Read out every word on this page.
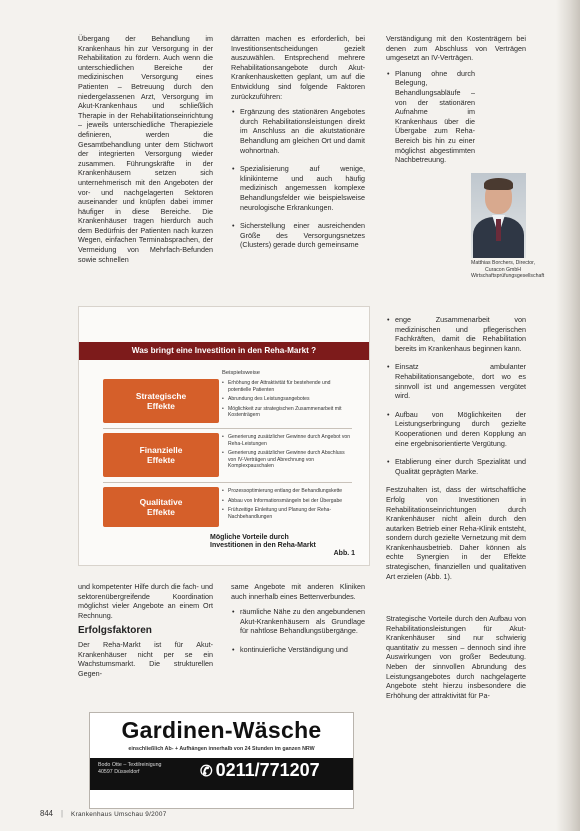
Übergang der Behandlung im Krankenhaus hin zur Versorgung in der Rehabilitation zu fördern. Auch wenn die unterschiedlichen Bereiche der medizinischen Versorgung eines Patienten – Betreuung durch den niedergelassenen Arzt, Versorgung im Akut-Krankenhaus und schließlich Therapie in der Rehabilitationseinrichtung – jeweils unterschiedliche Therapieziele definieren, werden die Gesamtbehandlung unter dem Stichwort der integrierten Versorgung wieder zusammen. Führungskräfte in der Krankenhäusern setzen sich unternehmerisch mit den Angeboten der vor- und nachgelagerten Sektoren auseinander und knüpfen dabei immer häufiger in diese Bereiche. Die Krankenhäuser tragen hierdurch auch dem Bedürfnis der Patienten nach kurzen Wegen, einfachen Terminabsprachen, der Vermeidung von Mehrfach-Befunden sowie schnellen

därratten machen es erforderlich, bei Investitionsentscheidungen gezielt auszuwählen. Entsprechend mehrere Rehabilitationsangebote durch Akut-Krankenhausketten geplant, um auf die Entwicklung sind folgende Faktoren zurückzuführen:

• Ergänzung des stationären Angebotes durch Rehabilitationsleistungen direkt im Anschluss an die akutstationäre Behandlung am gleichen Ort und damit wohnortnah.
• Spezialisierung auf wenige, klinikinterne und auch häufig medizinisch angemessen komplexe Behandlungsfelder wie beispielsweise neurologische Erkrankungen.
• Sicherstellung einer ausreichenden Größe des Versorgungsnetzes (Clusters) gerade durch gemeinsame

Verständigung mit den Kostenträgern bei denen zum Abschluss von Verträgen umgesetzt an IV-Verträgen.

• Planung ohne durch Belegung, Behandlungsabläufe – von der stationären Aufnahme im Krankenhaus über die Übergabe zum Reha-Bereich bis hin zu einer möglichst abgestimmten Nachbetreuung.
Matthias Borchers, Director, Curacon GmbH Wirtschaftsprüfungsgesellschaft
• enge Zusammenarbeit von medizinischen und pflegerischen Fachkräften, damit die Rehabilitation bereits im Krankenhaus beginnen kann.
• Einsatz ambulanter Rehabilitationsangebote, dort wo es sinnvoll ist und angemessen vergütet wird.
• Aufbau von Möglichkeiten der Leistungserbringung durch gezielte Kooperationen und deren Kopplung an eine ergebnisorientierte Vergütung.
• Etablierung einer durch Spezialität und Qualität geprägten Marke.

Festzuhalten ist, dass der wirtschaftliche Erfolg von Investitionen in Rehabilitationseinrichtungen durch Krankenhäuser nicht allein durch den autarken Betrieb einer Reha-Klinik entsteht, sondern durch gezielte Vernetzung mit dem Krankenhausbetrieb. Daher können als echte Synergien in der Effekte strategischen, finanziellen und qualitativen Art erzielen (Abb. 1).

Was bringt eine Investition in den Reha-Markt ?
Beispielsweise
Strategische
Effekte
• Erhöhung der Attraktivität für bestehende und potentielle Patienten
• Abrundung des Leistungsangebotes
• Möglichkeit zur strategischen Zusammenarbeit mit Kostenträgern
Finanzielle
Effekte
• Generierung zusätzlicher Gewinne durch Angebot von Reha-Leistungen
• Generierung zusätzlicher Gewinne durch Abschluss von IV-Verträgen und Abrechnung von Komplexpauschalen
Qualitative
Effekte
• Prozessoptimierung entlang der Behandlungskette
• Abbau von Informationsmängeln bei der Übergabe
• Frühzeitige Einleitung und Planung der Reha-Nachbehandlungen
Mögliche Vorteile durch Investitionen in den Reha-Markt
Abb. 1

und kompetenter Hilfe durch die fach- und sektorenübergreifende Koordination möglichst vieler Angebote an einem Ort Rechnung.

Erfolgsfaktoren

Der Reha-Markt ist für Akut-Krankenhäuser nicht per se ein Wachstumsmarkt. Die strukturellen Gegen-

same Angebote mit anderen Kliniken auch innerhalb eines Bettenverbundes.

• räumliche Nähe zu den angebundenen Akut-Krankenhäusern als Grundlage für nahtlose Behandlungsübergänge.
• kontinuierliche Verständigung und

Strategische Vorteile durch den Aufbau von Rehabilitationsleistungen für Akut-Krankenhäuser sind nur schwierig quantitativ zu messen – dennoch sind ihre Auswirkungen von großer Bedeutung. Neben der sinnvollen Abrundung des Leistungsangebotes durch nachgelagerte Angebote steht hierzu insbesondere die Erhöhung der attraktivität für Pa-

Gardinen-Wäsche
einschließlich Ab- + Aufhängen innerhalb von 24 Stunden im ganzen NRW
Bodo Otte – Textilreinigung
40597 Düsseldorf	✆ 0211/771207
844 | Krankenhaus Umschau 9/2007
